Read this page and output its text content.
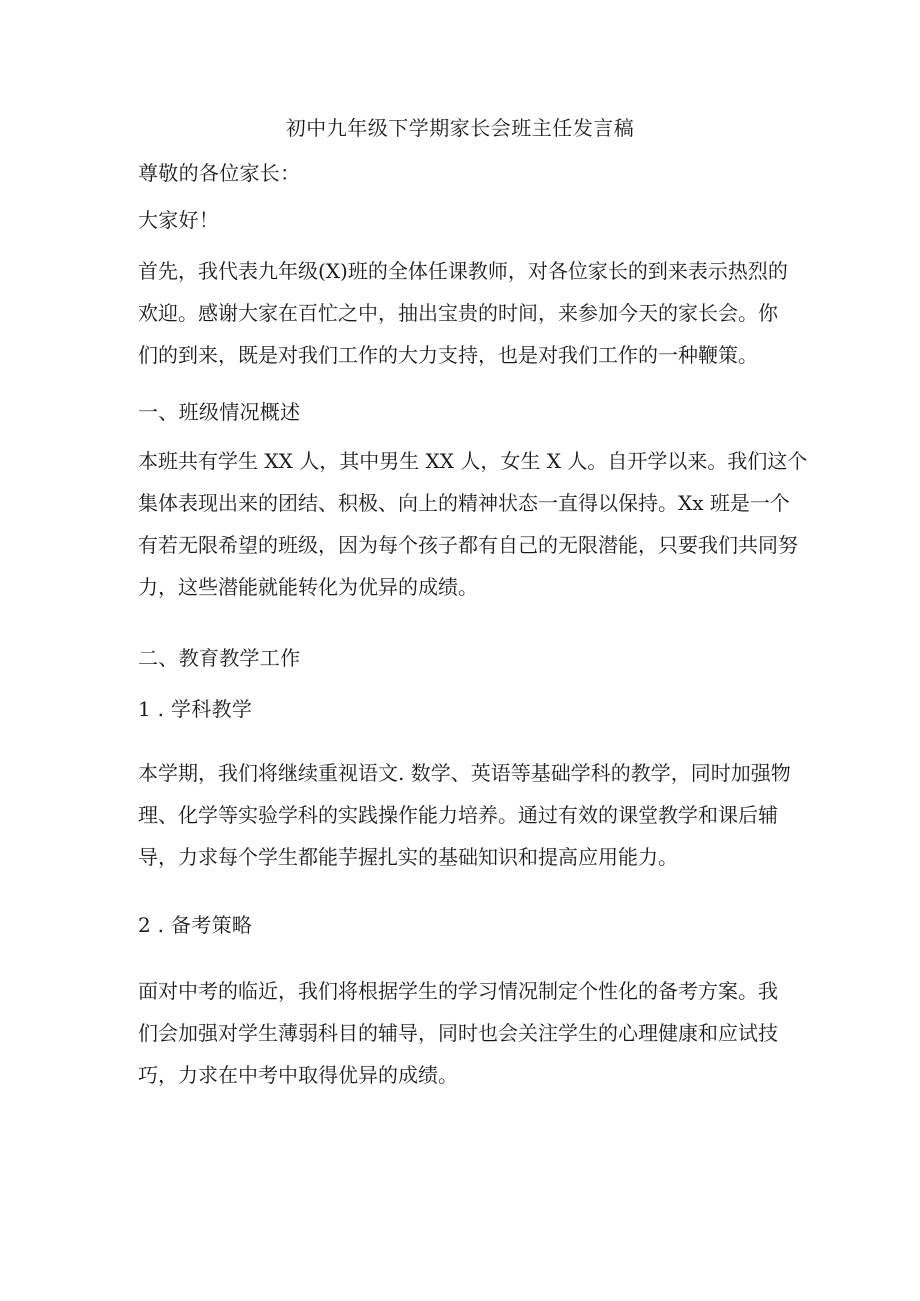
初中九年级下学期家长会班主任发言稿
尊敬的各位家长：
大家好！
首先，我代表九年级(X)班的全体任课教师，对各位家长的到来表示热烈的
欢迎。感谢大家在百忙之中，抽出宝贵的时间，来参加今天的家长会。你
们的到来，既是对我们工作的大力支持，也是对我们工作的一种鞭策。
一、班级情况概述
本班共有学生 XX 人，其中男生 XX 人，女生 X 人。自开学以来。我们这个
集体表现出来的团结、积极、向上的精神状态一直得以保持。Xx 班是一个
有若无限希望的班级，因为每个孩子都有自己的无限潜能，只要我们共同努
力，这些潜能就能转化为优异的成绩。
二、教育教学工作
1 . 学科教学
本学期，我们将继续重视语文. 数学、英语等基础学科的教学，同时加强物
理、化学等实验学科的实践操作能力培养。通过有效的课堂教学和课后辅
导，力求每个学生都能芋握扎实的基础知识和提高应用能力。
2 . 备考策略
面对中考的临近，我们将根据学生的学习情况制定个性化的备考方案。我
们会加强对学生薄弱科目的辅导，同时也会关注学生的心理健康和应试技
巧，力求在中考中取得优异的成绩。
